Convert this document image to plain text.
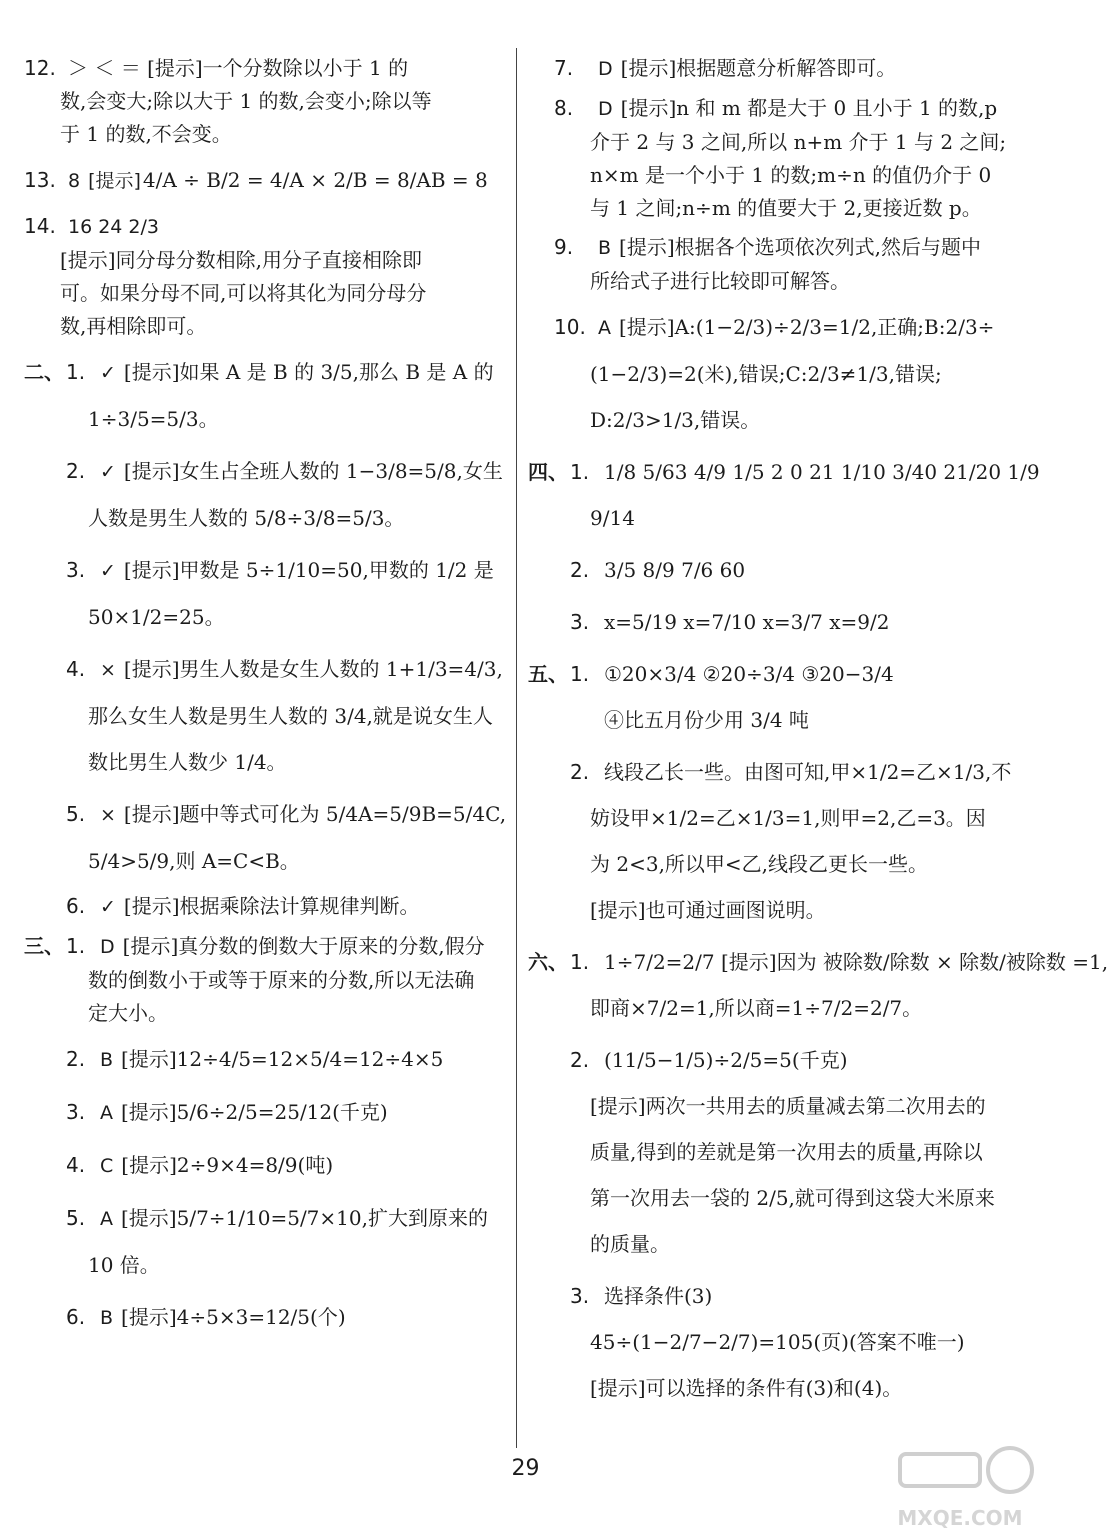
12. ＞ ＜ ＝ [提示]一个分数除以小于 1 的
数,会变大;除以大于 1 的数,会变小;除以等
于 1 的数,不会变。
13. 8 [提示] 4/A ÷ B/2 = 4/A × 2/B = 8/AB = 8
14. 16 24 2/3
[提示]同分母分数相除,用分子直接相除即
可。如果分母不同,可以将其化为同分母分
数,再相除即可。
二、 1. ✓ [提示]如果 A 是 B 的 3/5,那么 B 是 A 的
1÷3/5=5/3。
2. ✓ [提示]女生占全班人数的 1−3/8=5/8,女生
人数是男生人数的 5/8÷3/8=5/3。
3. ✓ [提示]甲数是 5÷1/10=50,甲数的 1/2 是
50×1/2=25。
4. × [提示]男生人数是女生人数的 1+1/3=4/3,
那么女生人数是男生人数的 3/4,就是说女生人
数比男生人数少 1/4。
5. × [提示]题中等式可化为 5/4A=5/9B=5/4C,
5/4>5/9,则 A=C<B。
6. ✓ [提示]根据乘除法计算规律判断。
三、 1. D [提示]真分数的倒数大于原来的分数,假分
数的倒数小于或等于原来的分数,所以无法确
定大小。
2. B [提示]12÷4/5=12×5/4=12÷4×5
3. A [提示]5/6÷2/5=25/12(千克)
4. C [提示]2÷9×4=8/9(吨)
5. A [提示]5/7÷1/10=5/7×10,扩大到原来的
10 倍。
6. B [提示]4÷5×3=12/5(个)
7. D [提示]根据题意分析解答即可。
8. D [提示]n 和 m 都是大于 0 且小于 1 的数,p
介于 2 与 3 之间,所以 n+m 介于 1 与 2 之间;
n×m 是一个小于 1 的数;m÷n 的值仍介于 0
与 1 之间;n÷m 的值要大于 2,更接近数 p。
9. B [提示]根据各个选项依次列式,然后与题中
所给式子进行比较即可解答。
10. A [提示]A:(1−2/3)÷2/3=1/2,正确;B:2/3÷
(1−2/3)=2(米),错误;C:2/3≠1/3,错误;
D:2/3>1/3,错误。
四、 1. 1/8 5/63 4/9 1/5 2 0 21 1/10 3/40 21/20 1/9
9/14
2. 3/5 8/9 7/6 60
3. x=5/19 x=7/10 x=3/7 x=9/2
五、 1. ①20×3/4 ②20÷3/4 ③20−3/4
④比五月份少用 3/4 吨
2. 线段乙长一些。由图可知,甲×1/2=乙×1/3,不
妨设甲×1/2=乙×1/3=1,则甲=2,乙=3。因
为 2<3,所以甲<乙,线段乙更长一些。
[提示]也可通过画图说明。
六、 1. 1÷7/2=2/7 [提示]因为 被除数/除数 × 除数/被除数 =1,
即商×7/2=1,所以商=1÷7/2=2/7。
2. (11/5−1/5)÷2/5=5(千克)
[提示]两次一共用去的质量减去第二次用去的
质量,得到的差就是第一次用去的质量,再除以
第一次用去一袋的 2/5,就可得到这袋大米原来
的质量。
3. 选择条件(3)
45÷(1−2/7−2/7)=105(页)(答案不唯一)
[提示]可以选择的条件有(3)和(4)。
29
MXQE.COM
